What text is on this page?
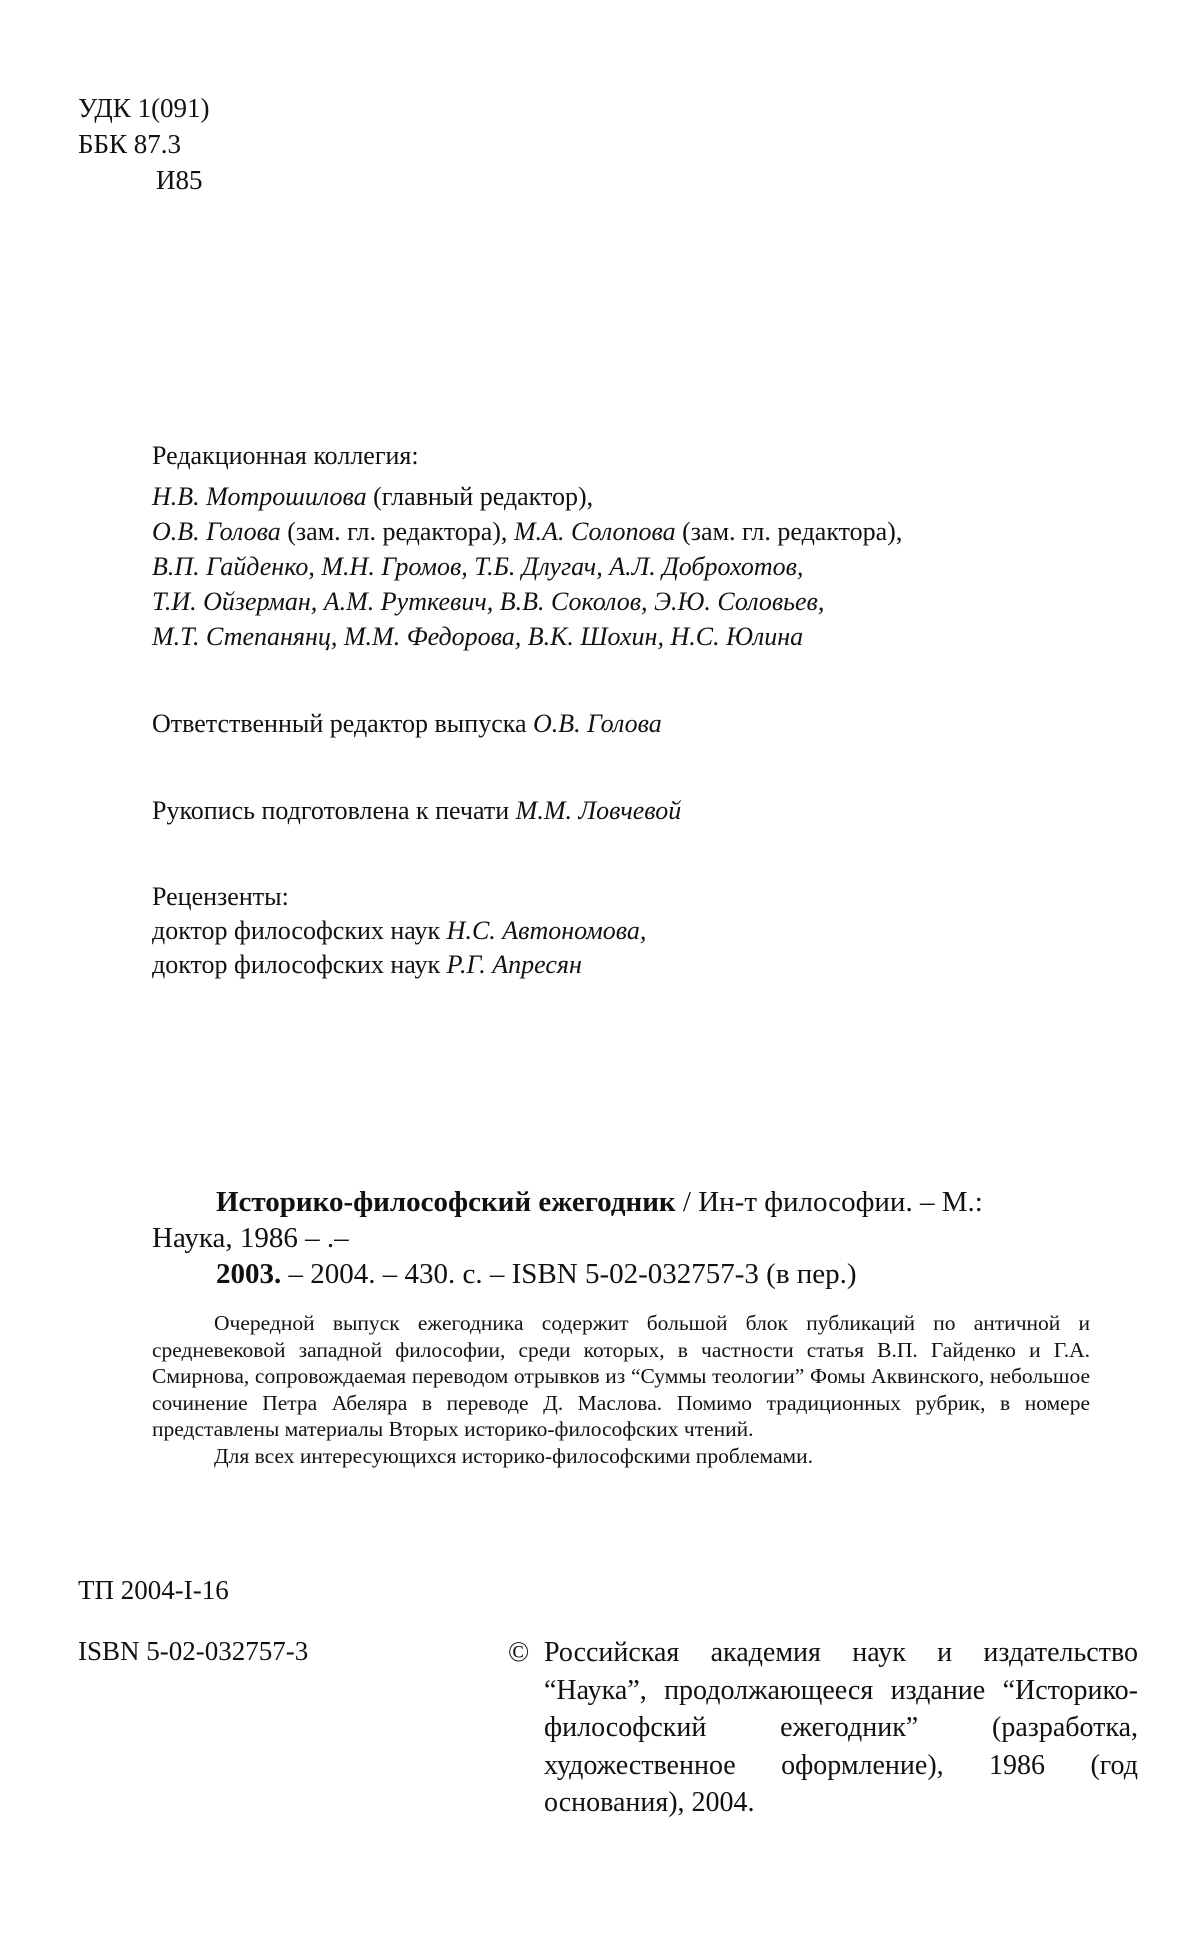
УДК 1(091)
ББК 87.3
И85
Редакционная коллегия:
Н.В. Мотрошилова (главный редактор),
О.В. Голова (зам. гл. редактора), М.А. Солопова (зам. гл. редактора),
В.П. Гайденко, М.Н. Громов, Т.Б. Длугач, А.Л. Доброхотов,
Т.И. Ойзерман, А.М. Руткевич, В.В. Соколов, Э.Ю. Соловьев,
М.Т. Степанянц, М.М. Федорова, В.К. Шохин, Н.С. Юлина
Ответственный редактор выпуска О.В. Голова
Рукопись подготовлена к печати М.М. Ловчевой
Рецензенты:
доктор философских наук Н.С. Автономова,
доктор философских наук Р.Г. Апресян
Историко-философский ежегодник / Ин-т философии. – М.:
Наука, 1986 – .–
2003. – 2004. – 430. с. – ISBN 5-02-032757-3 (в пер.)
Очередной выпуск ежегодника содержит большой блок публикаций по античной и средневековой западной философии, среди которых, в частности статья В.П. Гайденко и Г.А. Смирнова, сопровождаемая переводом отрывков из “Суммы теологии” Фомы Аквинского, небольшое сочинение Петра Абеляра в переводе Д. Маслова. Помимо традиционных рубрик, в номере представлены материалы Вторых историко-философских чтений.
Для всех интересующихся историко-философскими проблемами.
ТП 2004-I-16
ISBN 5-02-032757-3	© Российская академия наук и издательство “Наука”, продолжающееся издание “Историко-философский ежегодник” (разработка, художественное оформление), 1986 (год основания), 2004.
